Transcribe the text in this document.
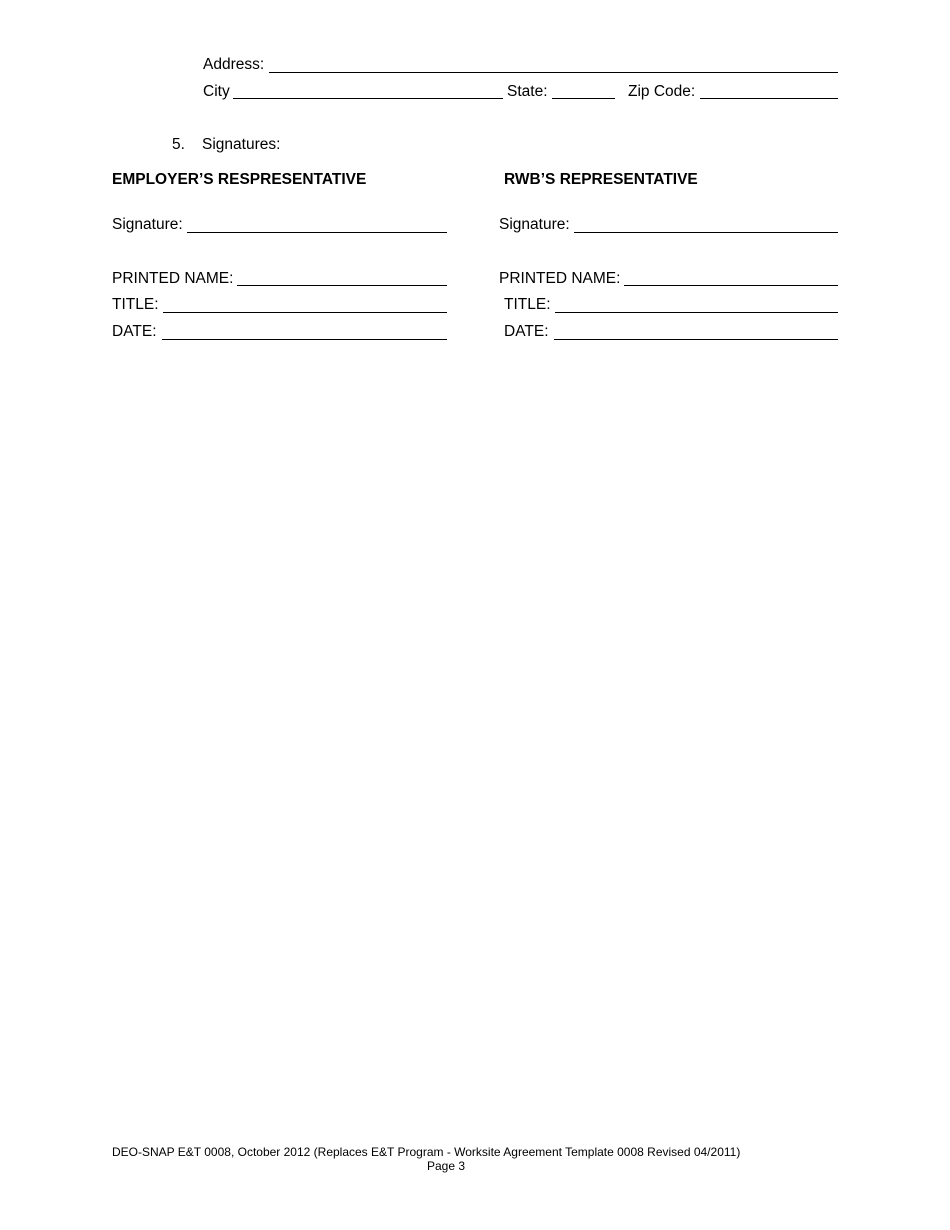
Address:
City	State:	Zip Code:
5. Signatures:
EMPLOYER’S RESPRESENTATIVE
Signature:
PRINTED NAME:
TITLE:
DATE:
RWB’S REPRESENTATIVE
Signature:
PRINTED NAME:
TITLE:
DATE:
DEO-SNAP E&T 0008, October 2012 (Replaces E&T Program - Worksite Agreement Template 0008 Revised 04/2011)
Page 3
